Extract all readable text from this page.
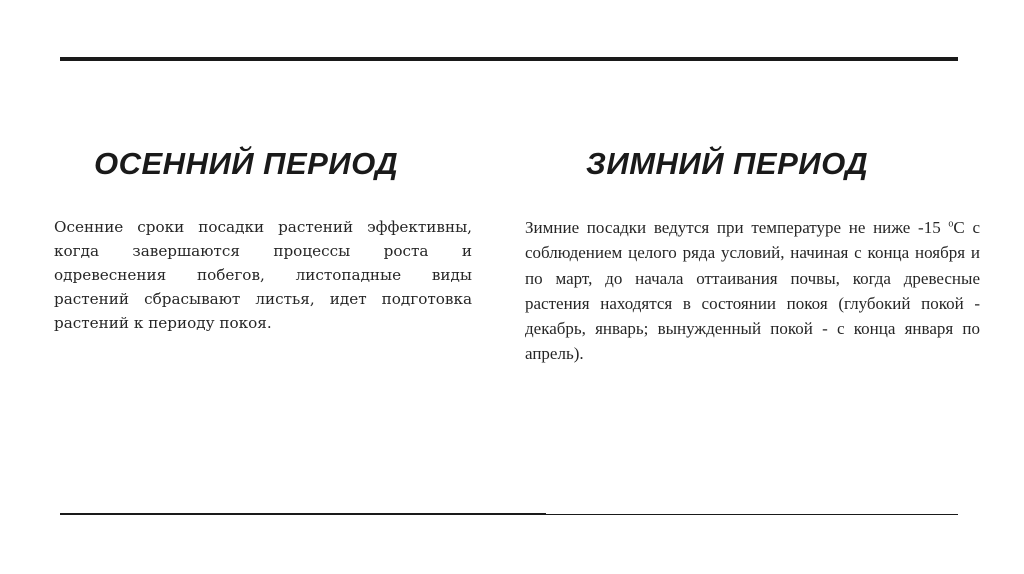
ОСЕННИЙ ПЕРИОД	ЗИМНИЙ ПЕРИОД

Осенние сроки посадки растений эффективны, когда завершаются процессы роста и одревеснения побегов, листопадные виды растений сбрасывают листья, идет подготовка растений к периоду покоя.

Зимние посадки ведутся при температуре не ниже -15 $^о$С с соблюдением целого ряда условий, начиная с конца ноября и по март, до начала оттаивания почвы, когда древесные растения находятся в состоянии покоя (глубокий покой - декабрь, январь; вынужденный покой - с конца января по апрель).
